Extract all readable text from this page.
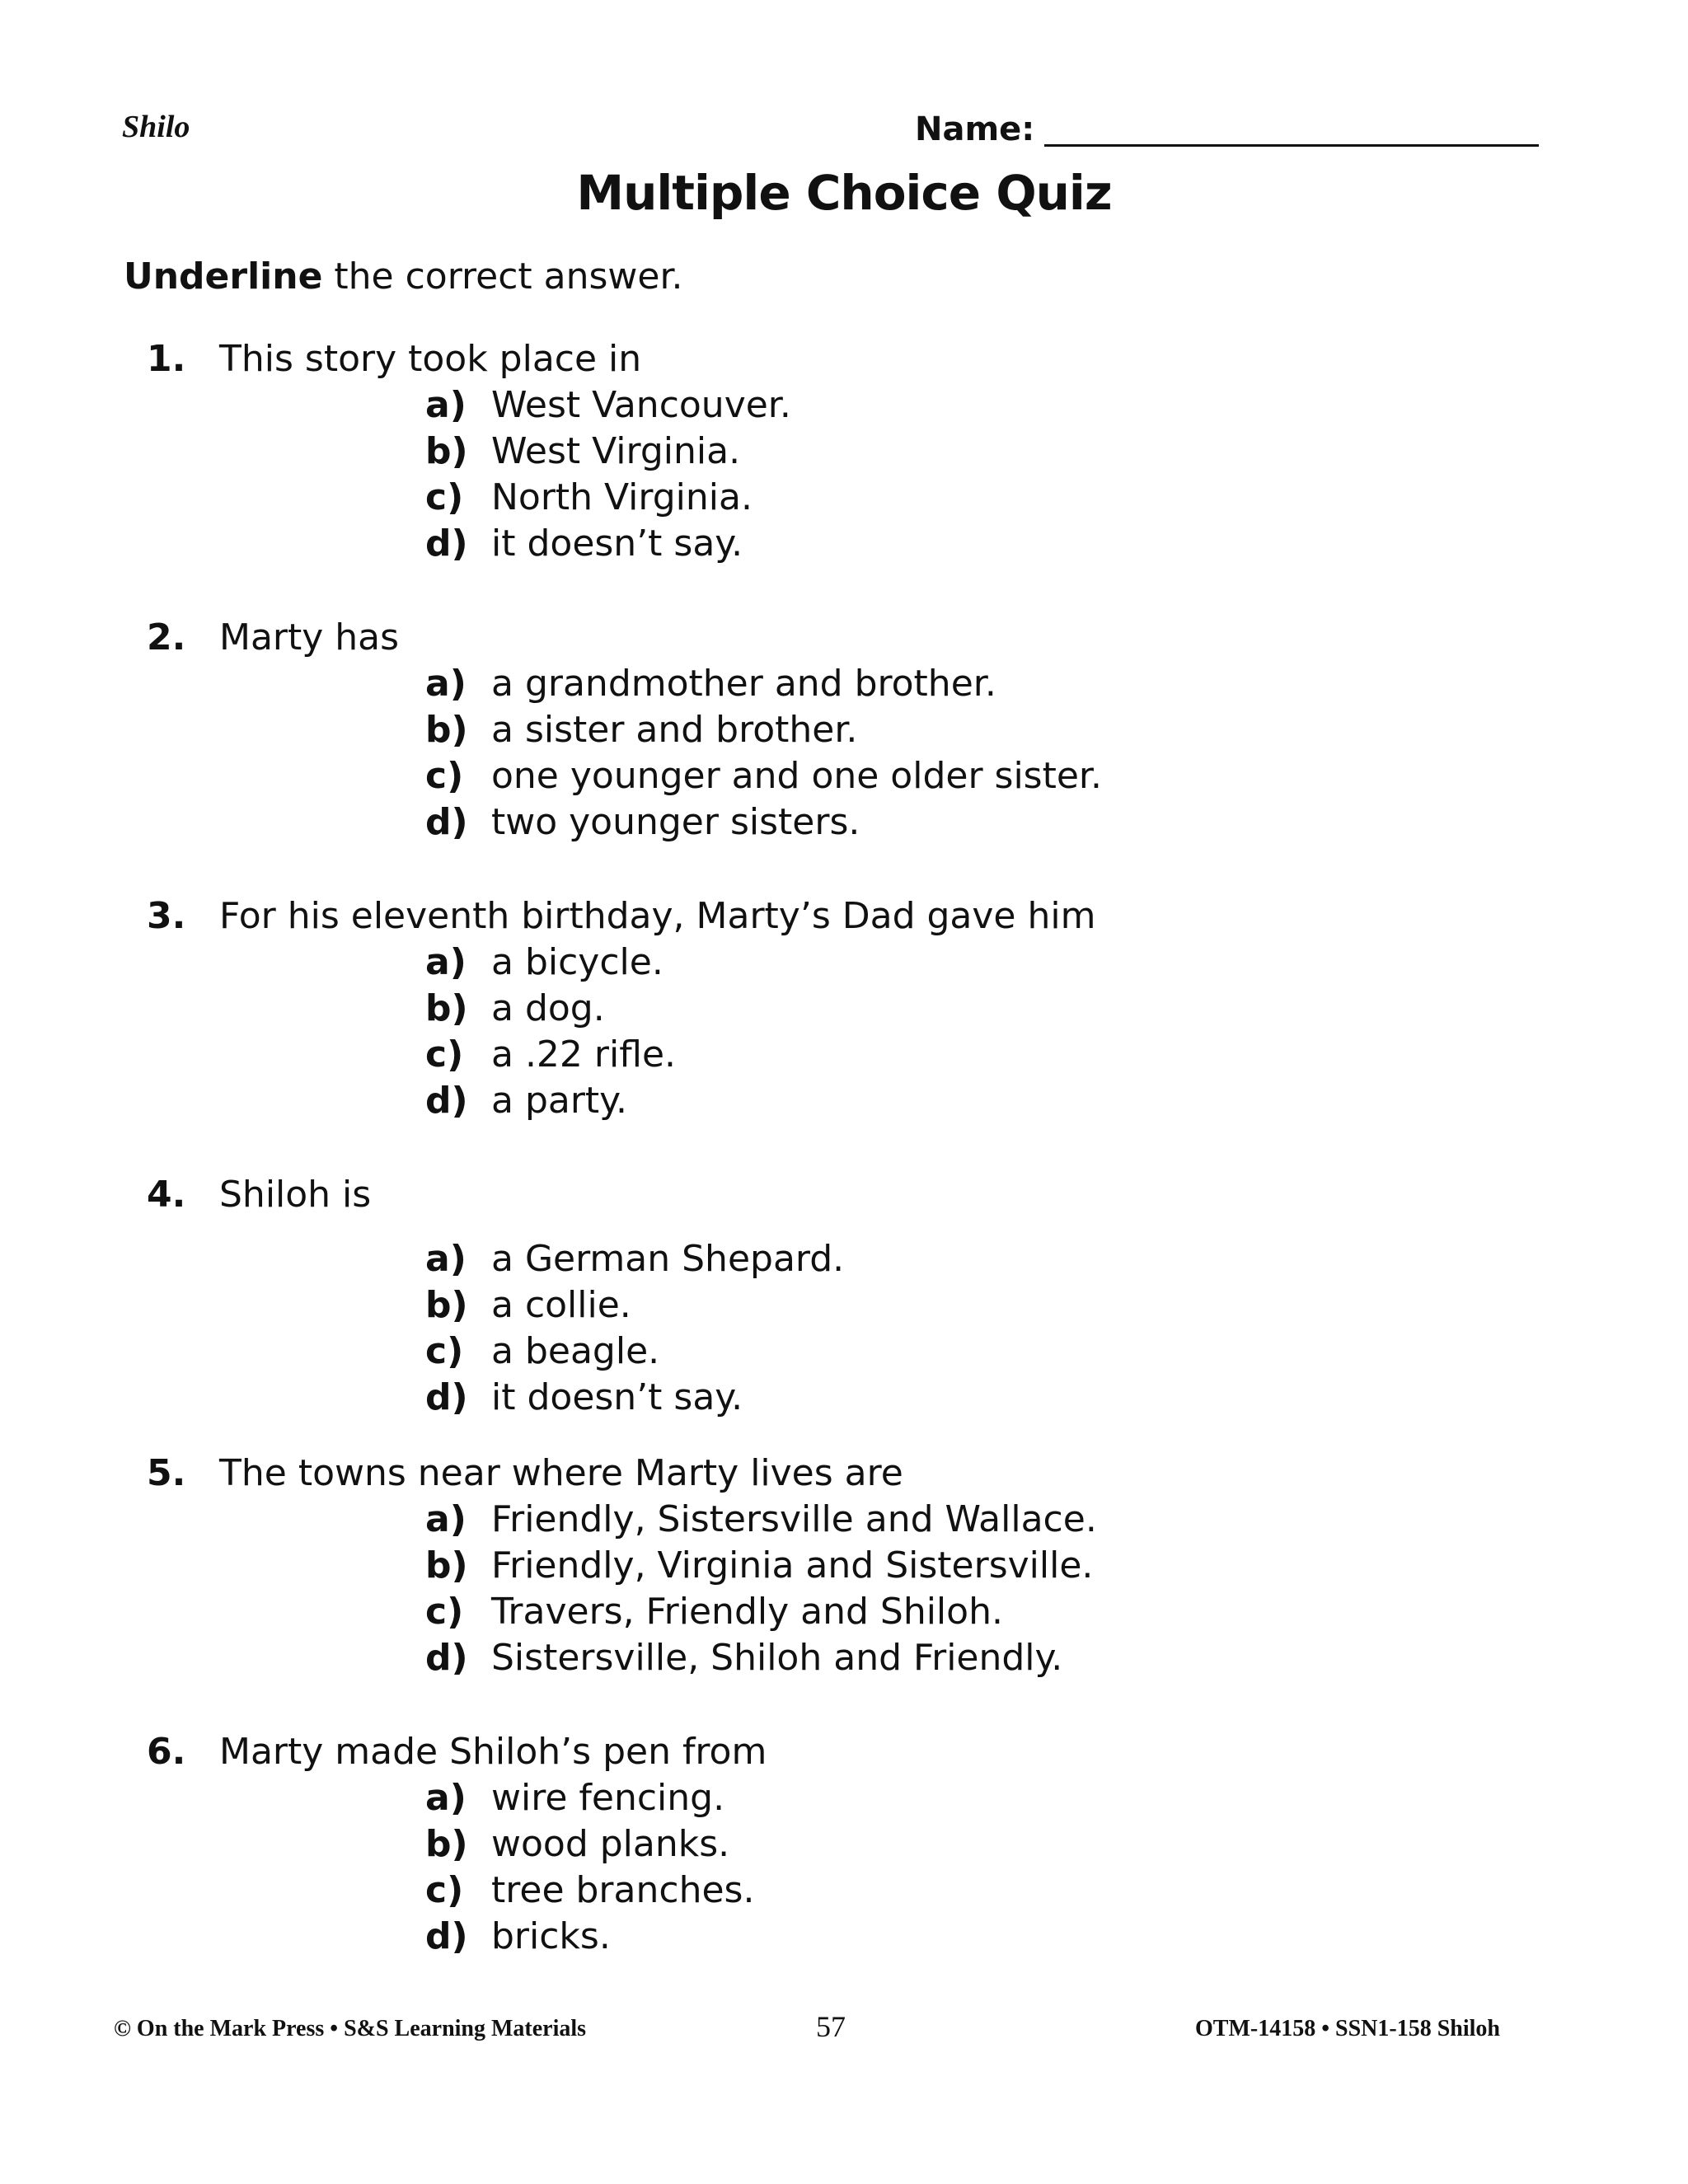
Shilo	Name:
Multiple Choice Quiz
Underline the correct answer.
1. This story took place in
a) West Vancouver.
b) West Virginia.
c) North Virginia.
d) it doesn’t say.
2. Marty has
a) a grandmother and brother.
b) a sister and brother.
c) one younger and one older sister.
d) two younger sisters.
3. For his eleventh birthday, Marty’s Dad gave him
a) a bicycle.
b) a dog.
c) a .22 rifle.
d) a party.
4. Shiloh is
a) a German Shepard.
b) a collie.
c) a beagle.
d) it doesn’t say.
5. The towns near where Marty lives are
a) Friendly, Sistersville and Wallace.
b) Friendly, Virginia and Sistersville.
c) Travers, Friendly and Shiloh.
d) Sistersville, Shiloh and Friendly.
6. Marty made Shiloh’s pen from
a) wire fencing.
b) wood planks.
c) tree branches.
d) bricks.
© On the Mark Press • S&S Learning Materials	57	OTM-14158 • SSN1-158 Shiloh
